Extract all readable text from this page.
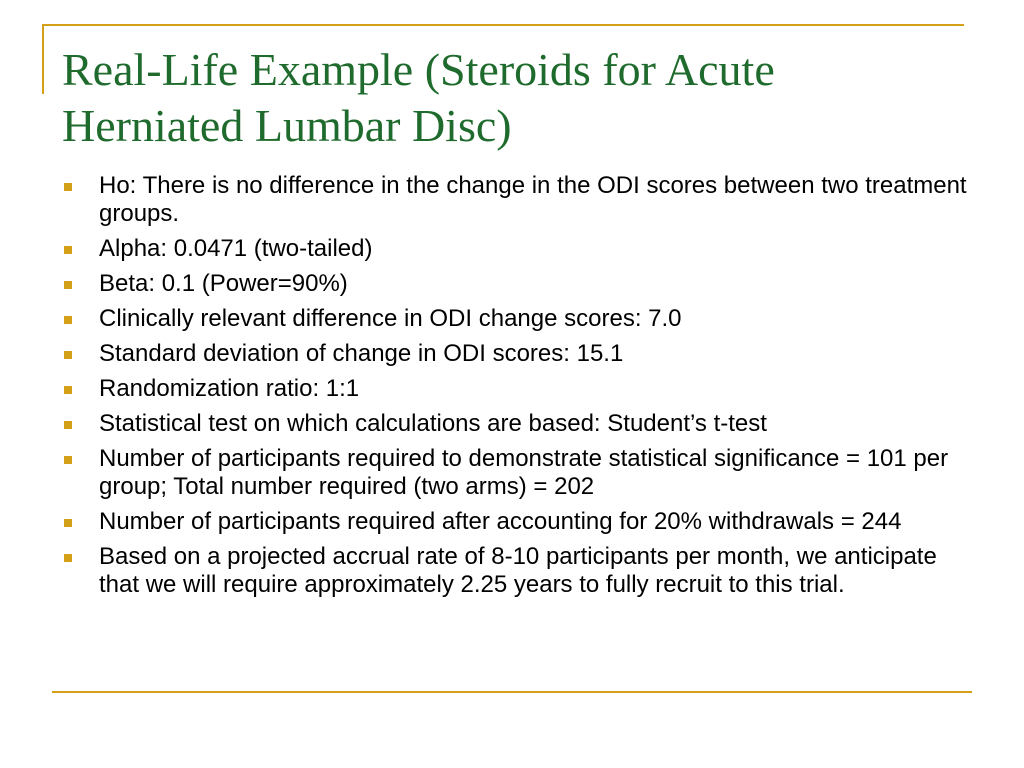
Real-Life Example (Steroids for Acute Herniated Lumbar Disc)
Ho: There is no difference in the change in the ODI scores between two treatment groups.
Alpha: 0.0471 (two-tailed)
Beta: 0.1 (Power=90%)
Clinically relevant difference in ODI change scores: 7.0
Standard deviation of change in ODI scores: 15.1
Randomization ratio: 1:1
Statistical test on which calculations are based: Student’s t-test
Number of participants required to demonstrate statistical significance = 101 per group; Total number required (two arms) = 202
Number of participants required after accounting for 20% withdrawals = 244
Based on a projected accrual rate of 8-10 participants per month, we anticipate that we will require approximately 2.25 years to fully recruit to this trial.
